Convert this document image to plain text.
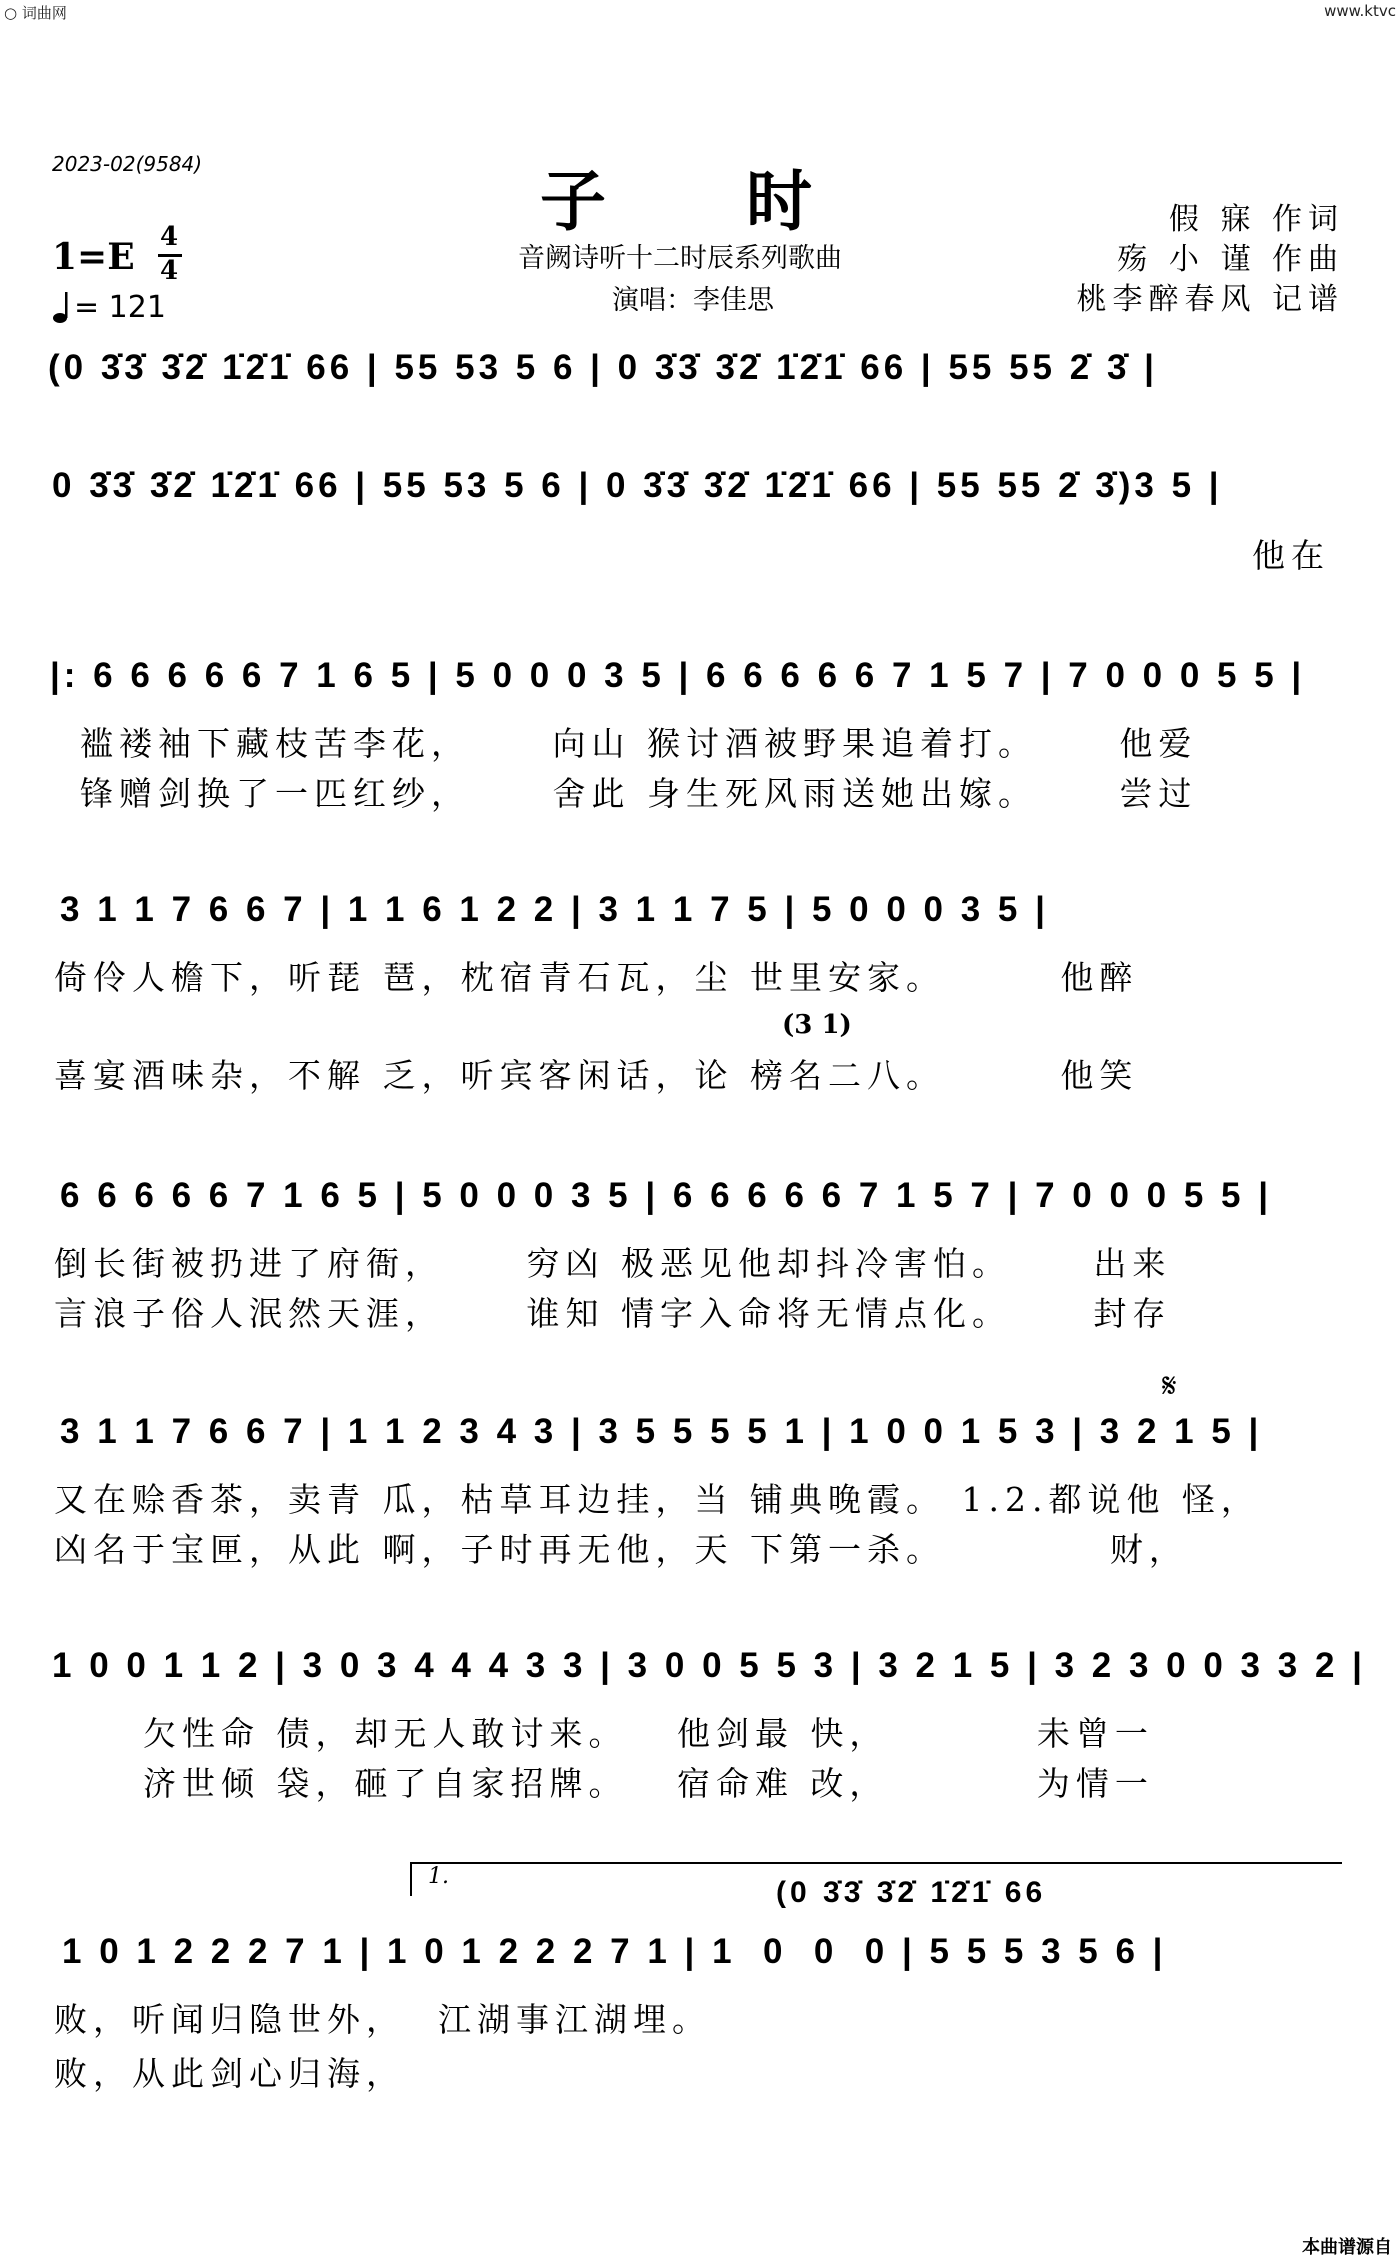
○ 词曲网	www.ktvc
2023-02(9584)	子时
音阙诗听十二时辰系列歌曲
演唱：李佳思
1=E 4
4
= 121
假 寐 作词
殇 小 谨 作曲
桃李醉春风 记谱
(0 3̇3̇ 3̇2̇ 1̇2̇1̇ 66 | 55 53 5 6 | 0 3̇3̇ 3̇2̇ 1̇2̇1̇ 66 | 55 55 2̇ 3̇ |
0 3̇3̇ 3̇2̇ 1̇2̇1̇ 66 | 55 53 5 6 | 0 3̇3̇ 3̇2̇ 1̇2̇1̇ 66 | 55 55 2̇ 3̇)3 5 |
他在
|: 6 6 6 6 6 7 1 6 5 | 5 0 0 0 3 5 | 6 6 6 6 6 7 1 5 7 | 7 0 0 0 5 5 |
褴褛袖下藏枝苦李花，     向山 猴讨酒被野果追着打。     他爱
锋赠剑换了一匹红纱，     舍此 身生死风雨送她出嫁。     尝过
3 1 1 7 6 6 7 | 1 1 6 1 2 2 | 3 1 1 7 5 | 5 0 0 0 3 5 |
倚伶人檐下，听琵 琶，枕宿青石瓦，尘 世里安家。       他醉
(3 1)
喜宴酒味杂，不解 乏，听宾客闲话，论 榜名二八。       他笑
6 6 6 6 6 7 1 6 5 | 5 0 0 0 3 5 | 6 6 6 6 6 7 1 5 7 | 7 0 0 0 5 5 |
倒长街被扔进了府衙，     穷凶 极恶见他却抖冷害怕。     出来
言浪子俗人泯然天涯，     谁知 情字入命将无情点化。     封存
𝄋
3 1 1 7 6 6 7 | 1 1 2 3 4 3 | 3 5 5 5 5 1 | 1 0 0 1 5 3 | 3 2 1 5 |
又在赊香茶，卖青 瓜，枯草耳边挂，当 铺典晚霞。 1.2.都说他 怪，
凶名于宝匣，从此 啊，子时再无他，天 下第一杀。          财，
1 0 0 1 1 2 | 3 0 3 4 4 4 3 3 | 3 0 0 5 5 3 | 3 2 1 5 | 3 2 3 0 0 3 3 2 |
欠性命 债，却无人敢讨来。   他剑最 快，         未曾一
济世倾 袋，砸了自家招牌。   宿命难 改，         为情一
1.	(0 3̇3̇ 3̇2̇ 1̇2̇1̇ 66
1 0 1 2 2 2 7 1 | 1 0 1 2 2 2 7 1 | 1  0  0  0 | 5 5 5 3 5 6 |
败，听闻归隐世外，  江湖事江湖埋。
败，从此剑心归海，
本曲谱源自
